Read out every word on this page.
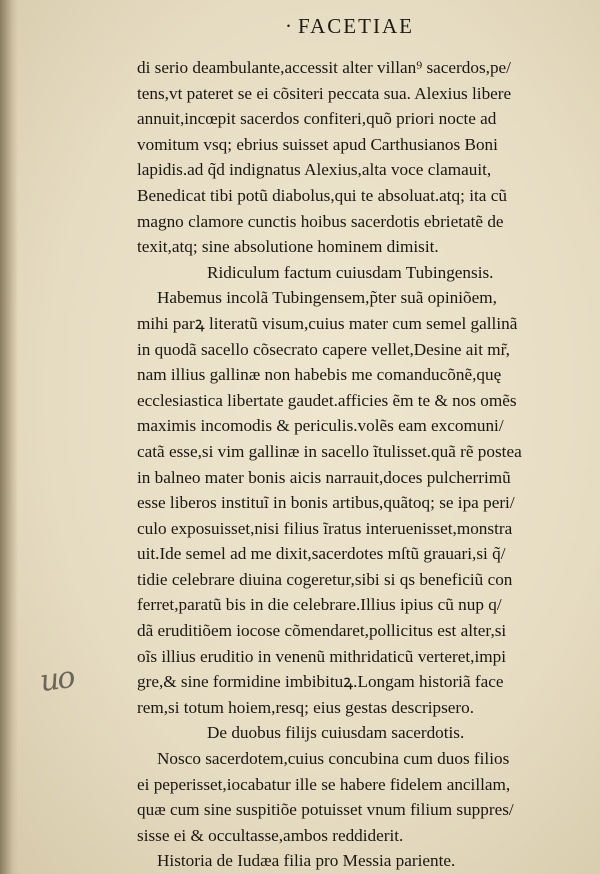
· FACETIAE
uo
di serio deambulante,accessit alter villan⁹ sacerdos,pe/
tens,vt pateret se ei cõsiteri peccata sua. Alexius libere
annuit,incœpit sacerdos confiteri,quõ priori nocte ad
vomitum vsq; ebrius suisset apud Carthusianos Boni
lapidis.ad q̃d indignatus Alexius,alta voce clamauit,
Benedicat tibi potũ diabolus,qui te absoluat.atq; ita cũ
magno clamore cunctis hoibus sacerdotis ebrietatẽ de
texit,atq; sine absolutione hominem dimisit.
Ridiculum factum cuiusdam Tubingensis.
Habemus incolã Tubingensem,p̃ter suã opiniõem,
mihi parꝝ literatũ visum,cuius mater cum semel gallinã
in quodã sacello cõsecrato capere vellet,Desine ait mr̃,
nam illius gallinæ non habebis me comanducõnẽ,quę
ecclesiastica libertate gaudet.afficies ẽm te & nos omẽs
maximis incomodis & periculis.volẽs eam excomuni/
catã esse,si vim gallinæ in sacello ĩtulisset.quã rẽ postea
in balneo mater bonis aicis narrauit,doces pulcherrimũ
esse liberos instituĩ in bonis artibus,quãtoq; se ipa peri/
culo exposuisset,nisi filius ĩratus interuenisset,monstra
uit.Ide semel ad me dixit,sacerdotes mſtũ grauari,si q̃/
tidie celebrare diuina cogeretur,sibi si qs beneficiũ con
ferret,paratũ bis in die celebrare.Illius ipius cũ nup q/
dã eruditiõem iocose cõmendaret,pollicitus est alter,si
oĩs illius eruditio in venenũ mithridaticũ verteret,impi
gre,& sine formidine imbibituꝝ.Longam historiã face
rem,si totum hoiem,resq; eius gestas descripsero.
De duobus filijs cuiusdam sacerdotis.
Nosco sacerdotem,cuius concubina cum duos filios
ei peperisset,iocabatur ille se habere fidelem ancillam,
quæ cum sine suspitiõe potuisset vnum filium suppres/
sisse ei & occultasse,ambos reddiderit.
Historia de Iudæa filia pro Messia pariente.
